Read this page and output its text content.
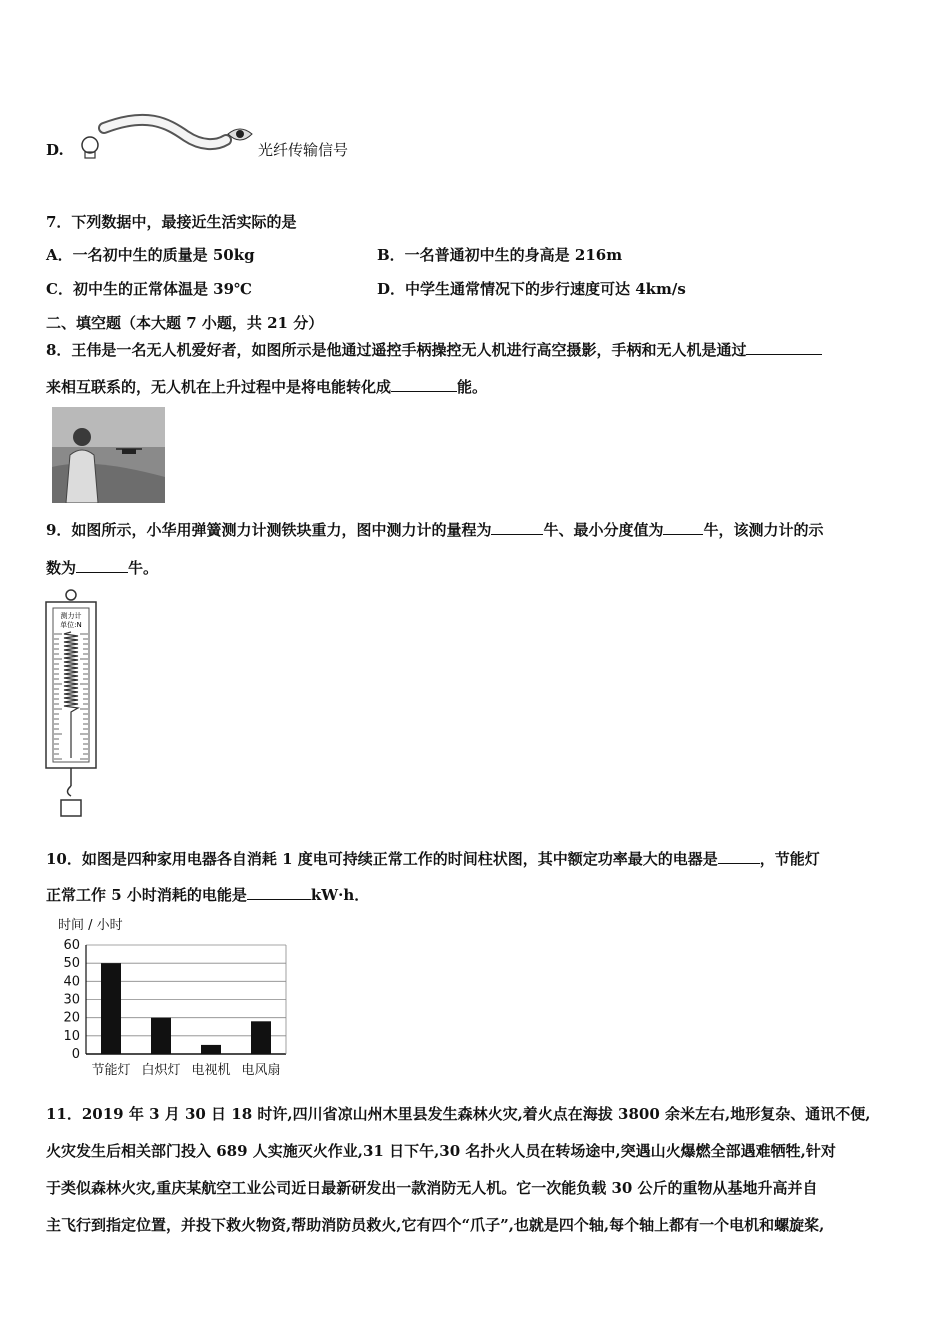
D.	光纤传输信号
7．下列数据中，最接近生活实际的是
A．一名初中生的质量是 50kg	B．一名普通初中生的身高是 216m
C．初中生的正常体温是 39℃	D．中学生通常情况下的步行速度可达 4km/s
二、填空题（本大题 7 小题，共 21 分）
8．王伟是一名无人机爱好者，如图所示是他通过遥控手柄操控无人机进行高空摄影，手柄和无人机是通过
来相互联系的，无人机在上升过程中是将电能转化成	能。
9．如图所示，小华用弹簧测力计测铁块重力，图中测力计的量程为	牛、最小分度值为	牛，该测力计的示
数为	牛。
测力计
单位:N
10．如图是四种家用电器各自消耗 1 度电可持续正常工作的时间柱状图，其中额定功率最大的电器是	，节能灯
正常工作 5 小时消耗的电能是	kW·h．
时间 / 小时
0
10
20
30
40
50
60
节能灯 白炽灯 电视机 电风扇
11．2019 年 3 月 30 日 18 时许,四川省凉山州木里县发生森林火灾,着火点在海拔 3800 余米左右,地形复杂、通讯不便,
火灾发生后相关部门投入 689 人实施灭火作业,31 日下午,30 名扑火人员在转场途中,突遇山火爆燃全部遇难牺牲,针对
于类似森林火灾,重庆某航空工业公司近日最新研发出一款消防无人机。它一次能负载 30 公斤的重物从基地升高并自
主飞行到指定位置，并投下救火物资,帮助消防员救火,它有四个“爪子”,也就是四个轴,每个轴上都有一个电机和螺旋桨,
